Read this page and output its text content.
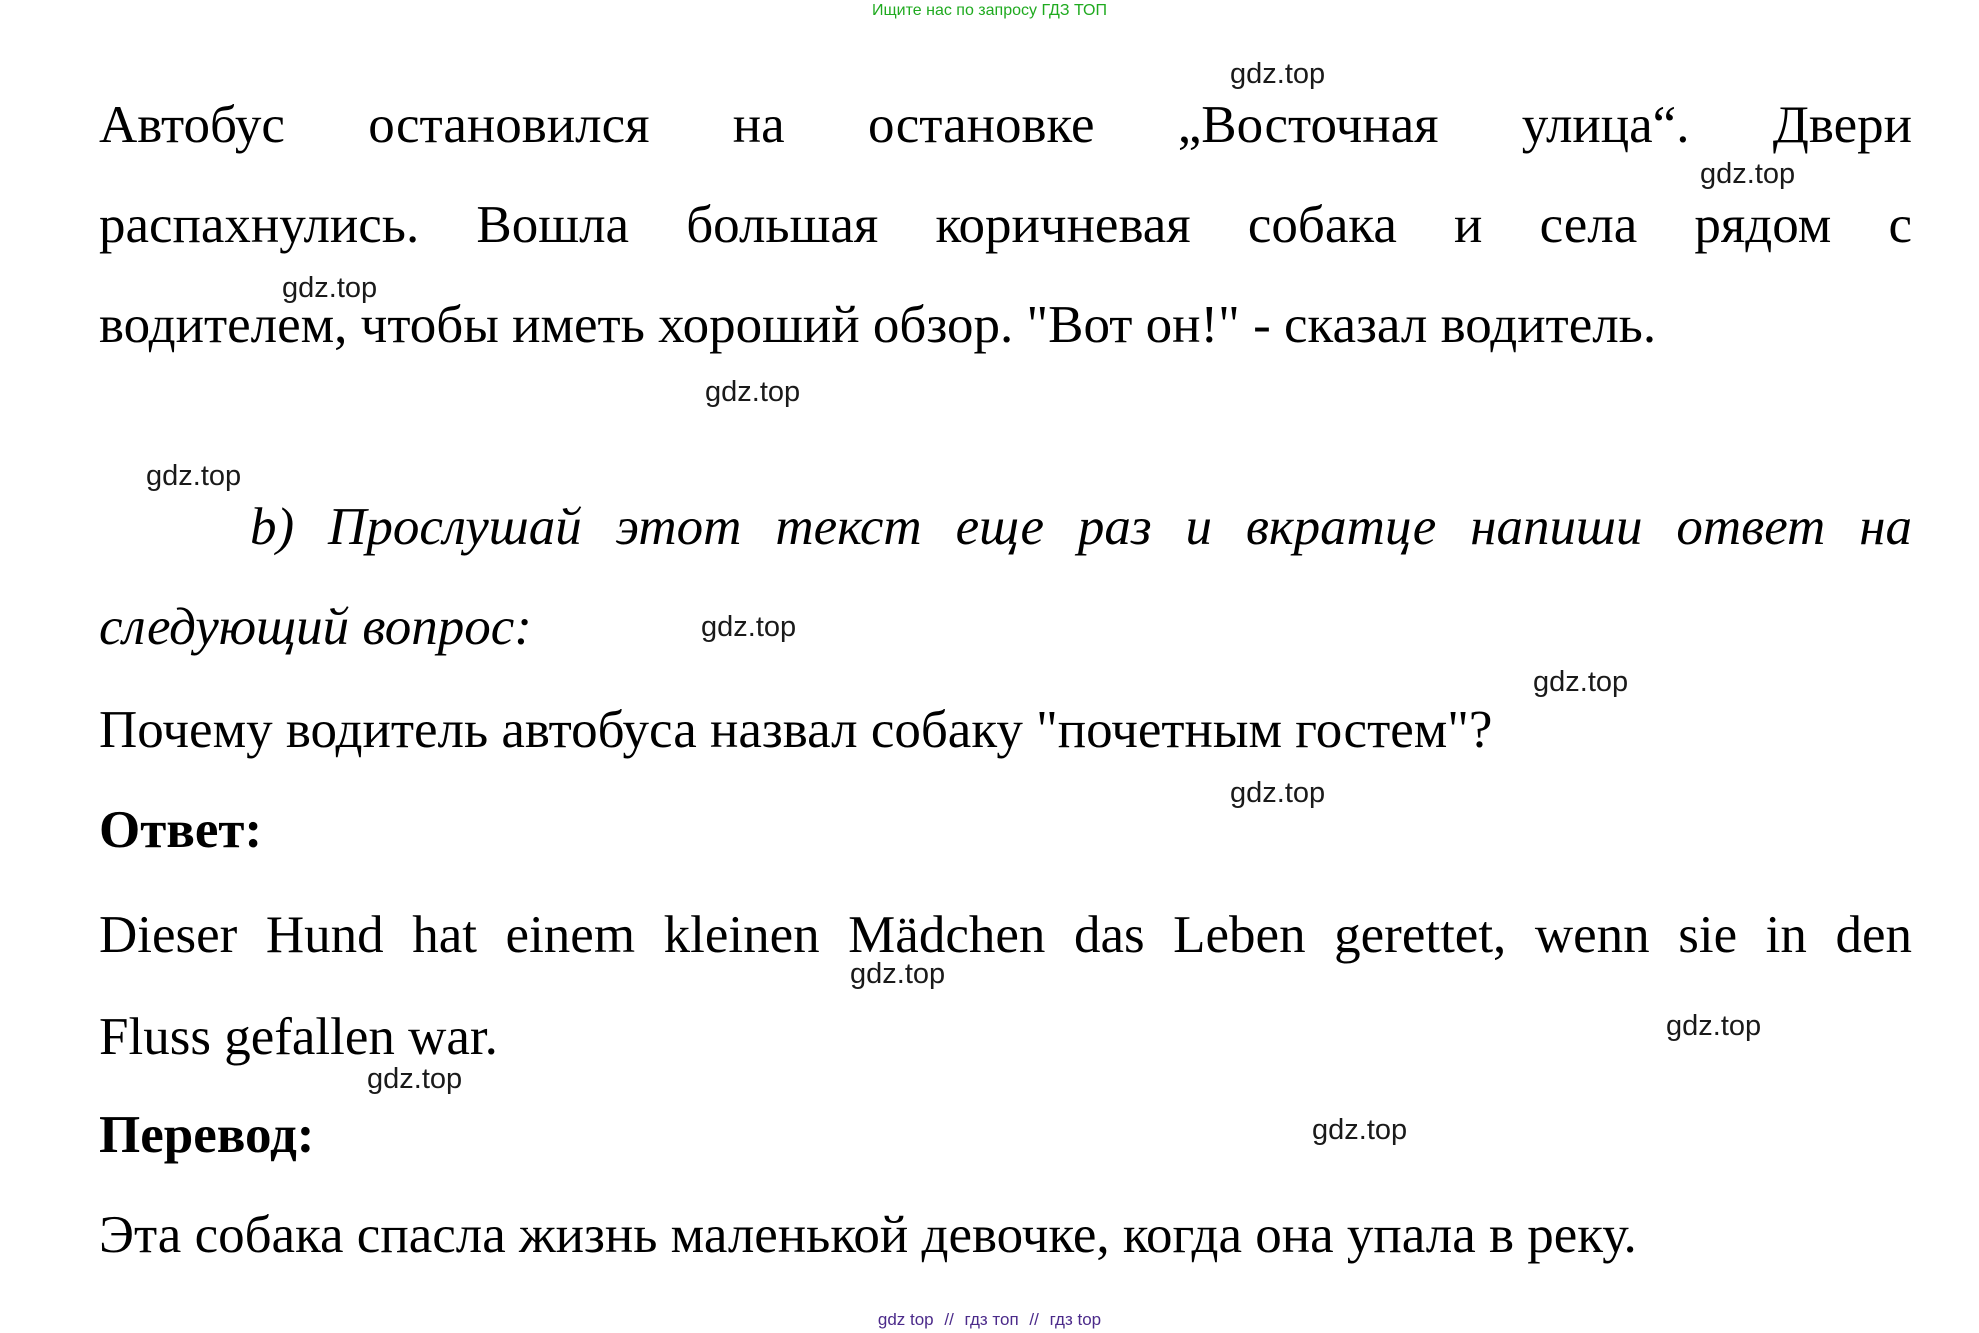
Ищите нас по запросу ГДЗ ТОП
Автобус остановился на остановке „Восточная улица“. Двери
распахнулись. Вошла большая коричневая собака и села рядом с
водителем, чтобы иметь хороший обзор. "Вот он!" - сказал водитель.
b) Прослушай этот текст еще раз и вкратце напиши ответ на
следующий вопрос:
Почему водитель автобуса назвал собаку "почетным гостем"?
Ответ:
Dieser Hund hat einem kleinen Mädchen das Leben gerettet, wenn sie in den
Fluss gefallen war.
Перевод:
Эта собака спасла жизнь маленькой девочке, когда она упала в реку.
gdz.top
gdz.top
gdz.top
gdz.top
gdz.top
gdz.top
gdz.top
gdz.top
gdz.top
gdz.top
gdz.top
gdz.top
gdz top // гдз топ // гдз top
